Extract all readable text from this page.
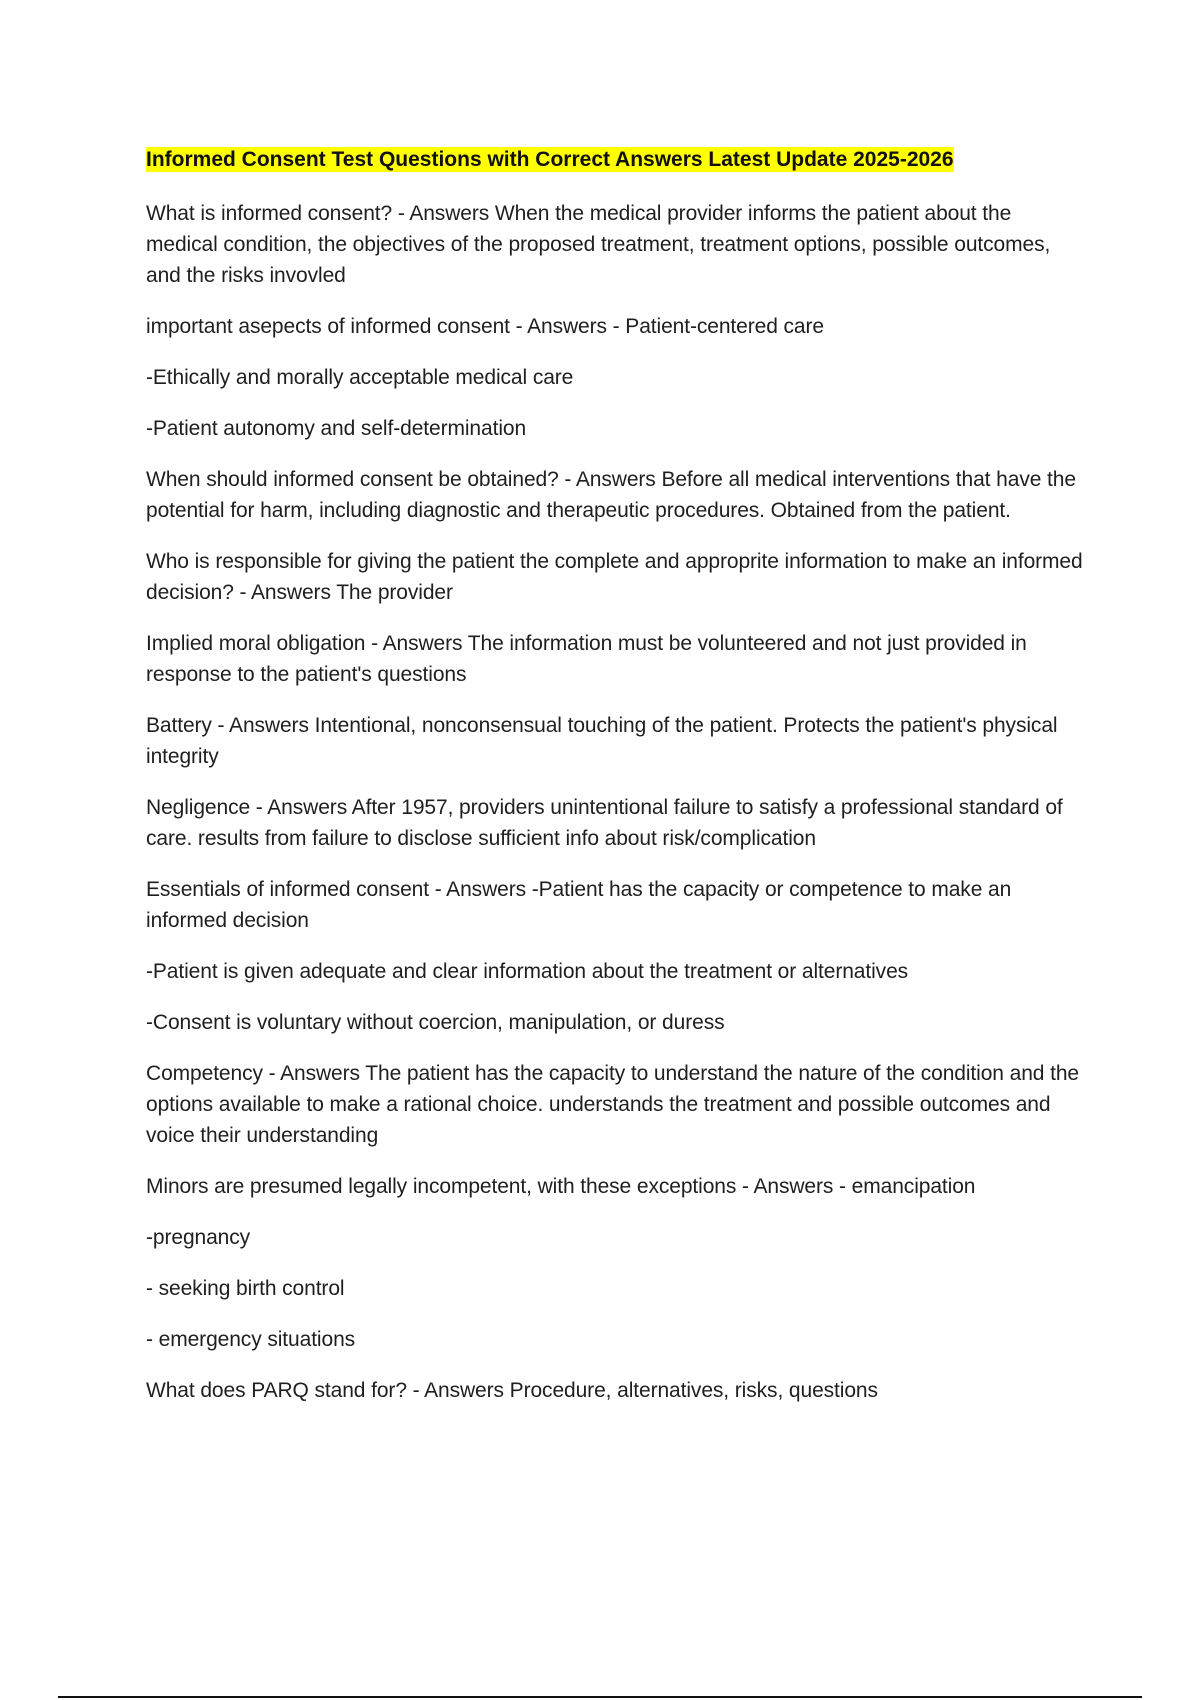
Informed Consent Test Questions with Correct Answers Latest Update 2025-2026

What is informed consent? - Answers When the medical provider informs the patient about the medical condition, the objectives of the proposed treatment, treatment options, possible outcomes, and the risks invovled

important asepects of informed consent - Answers - Patient-centered care

-Ethically and morally acceptable medical care

-Patient autonomy and self-determination

When should informed consent be obtained? - Answers Before all medical interventions that have the potential for harm, including diagnostic and therapeutic procedures. Obtained from the patient.

Who is responsible for giving the patient the complete and approprite information to make an informed decision? - Answers The provider

Implied moral obligation - Answers The information must be volunteered and not just provided in response to the patient's questions

Battery - Answers Intentional, nonconsensual touching of the patient. Protects the patient's physical integrity

Negligence - Answers After 1957, providers unintentional failure to satisfy a professional standard of care. results from failure to disclose sufficient info about risk/complication

Essentials of informed consent - Answers -Patient has the capacity or competence to make an informed decision

-Patient is given adequate and clear information about the treatment or alternatives

-Consent is voluntary without coercion, manipulation, or duress

Competency - Answers The patient has the capacity to understand the nature of the condition and the options available to make a rational choice. understands the treatment and possible outcomes and voice their understanding

Minors are presumed legally incompetent, with these exceptions - Answers - emancipation

-pregnancy

- seeking birth control

- emergency situations

What does PARQ stand for? - Answers Procedure, alternatives, risks, questions
